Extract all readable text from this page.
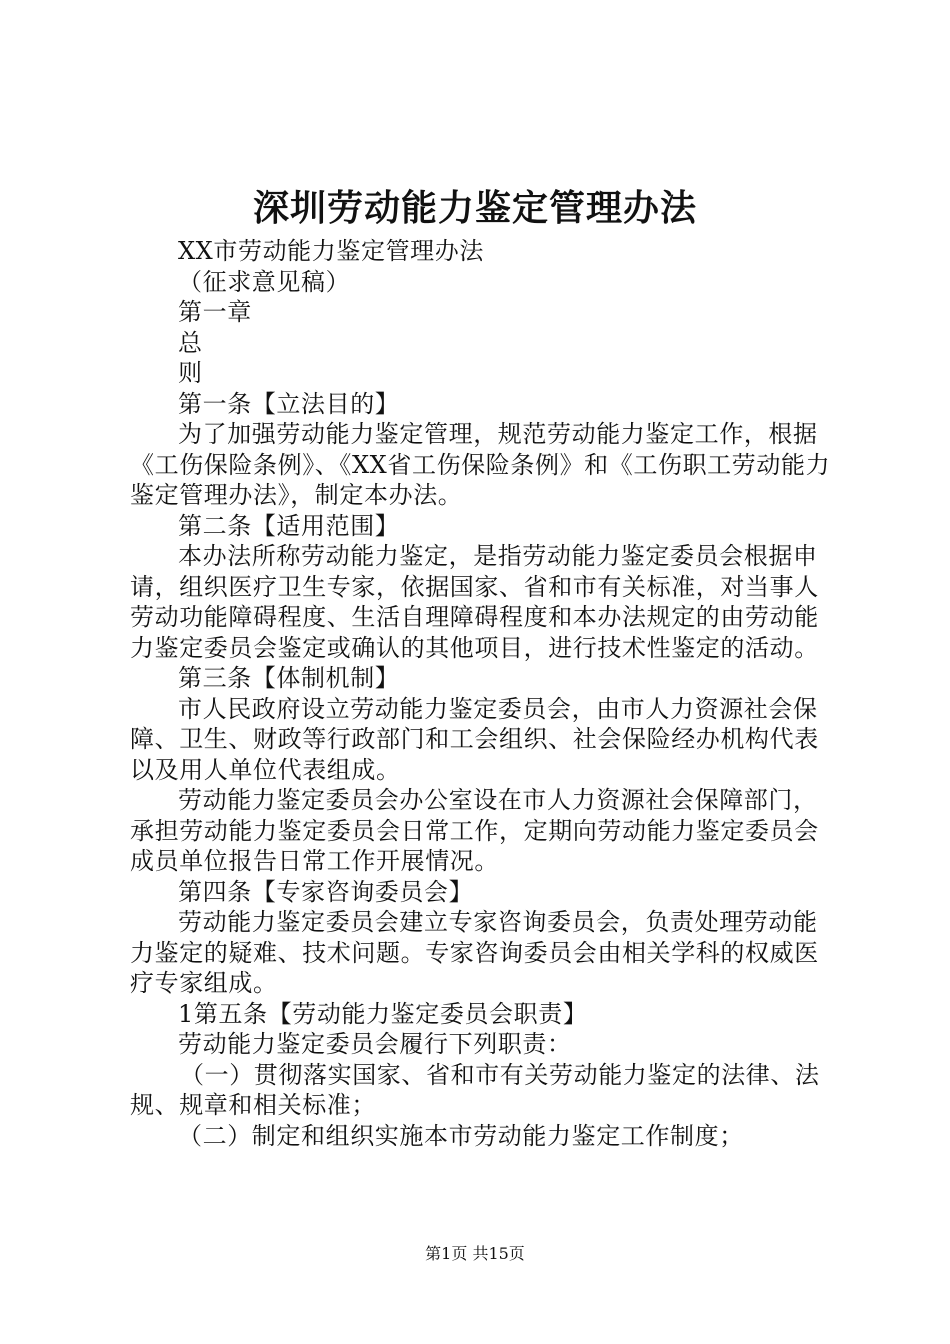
深圳劳动能力鉴定管理办法

XX市劳动能力鉴定管理办法

（征求意见稿）

第一章

总

则

第一条【立法目的】

为了加强劳动能力鉴定管理，规范劳动能力鉴定工作，根据《工伤保险条例》、《XX省工伤保险条例》和《工伤职工劳动能力鉴定管理办法》，制定本办法。

第二条【适用范围】

本办法所称劳动能力鉴定，是指劳动能力鉴定委员会根据申请，组织医疗卫生专家，依据国家、省和市有关标准，对当事人劳动功能障碍程度、生活自理障碍程度和本办法规定的由劳动能力鉴定委员会鉴定或确认的其他项目，进行技术性鉴定的活动。

第三条【体制机制】

市人民政府设立劳动能力鉴定委员会，由市人力资源社会保障、卫生、财政等行政部门和工会组织、社会保险经办机构代表以及用人单位代表组成。

劳动能力鉴定委员会办公室设在市人力资源社会保障部门，承担劳动能力鉴定委员会日常工作，定期向劳动能力鉴定委员会成员单位报告日常工作开展情况。

第四条【专家咨询委员会】

劳动能力鉴定委员会建立专家咨询委员会，负责处理劳动能力鉴定的疑难、技术问题。专家咨询委员会由相关学科的权威医疗专家组成。

1第五条【劳动能力鉴定委员会职责】

劳动能力鉴定委员会履行下列职责：

（一）贯彻落实国家、省和市有关劳动能力鉴定的法律、法规、规章和相关标准；

（二）制定和组织实施本市劳动能力鉴定工作制度；

第1页 共15页
